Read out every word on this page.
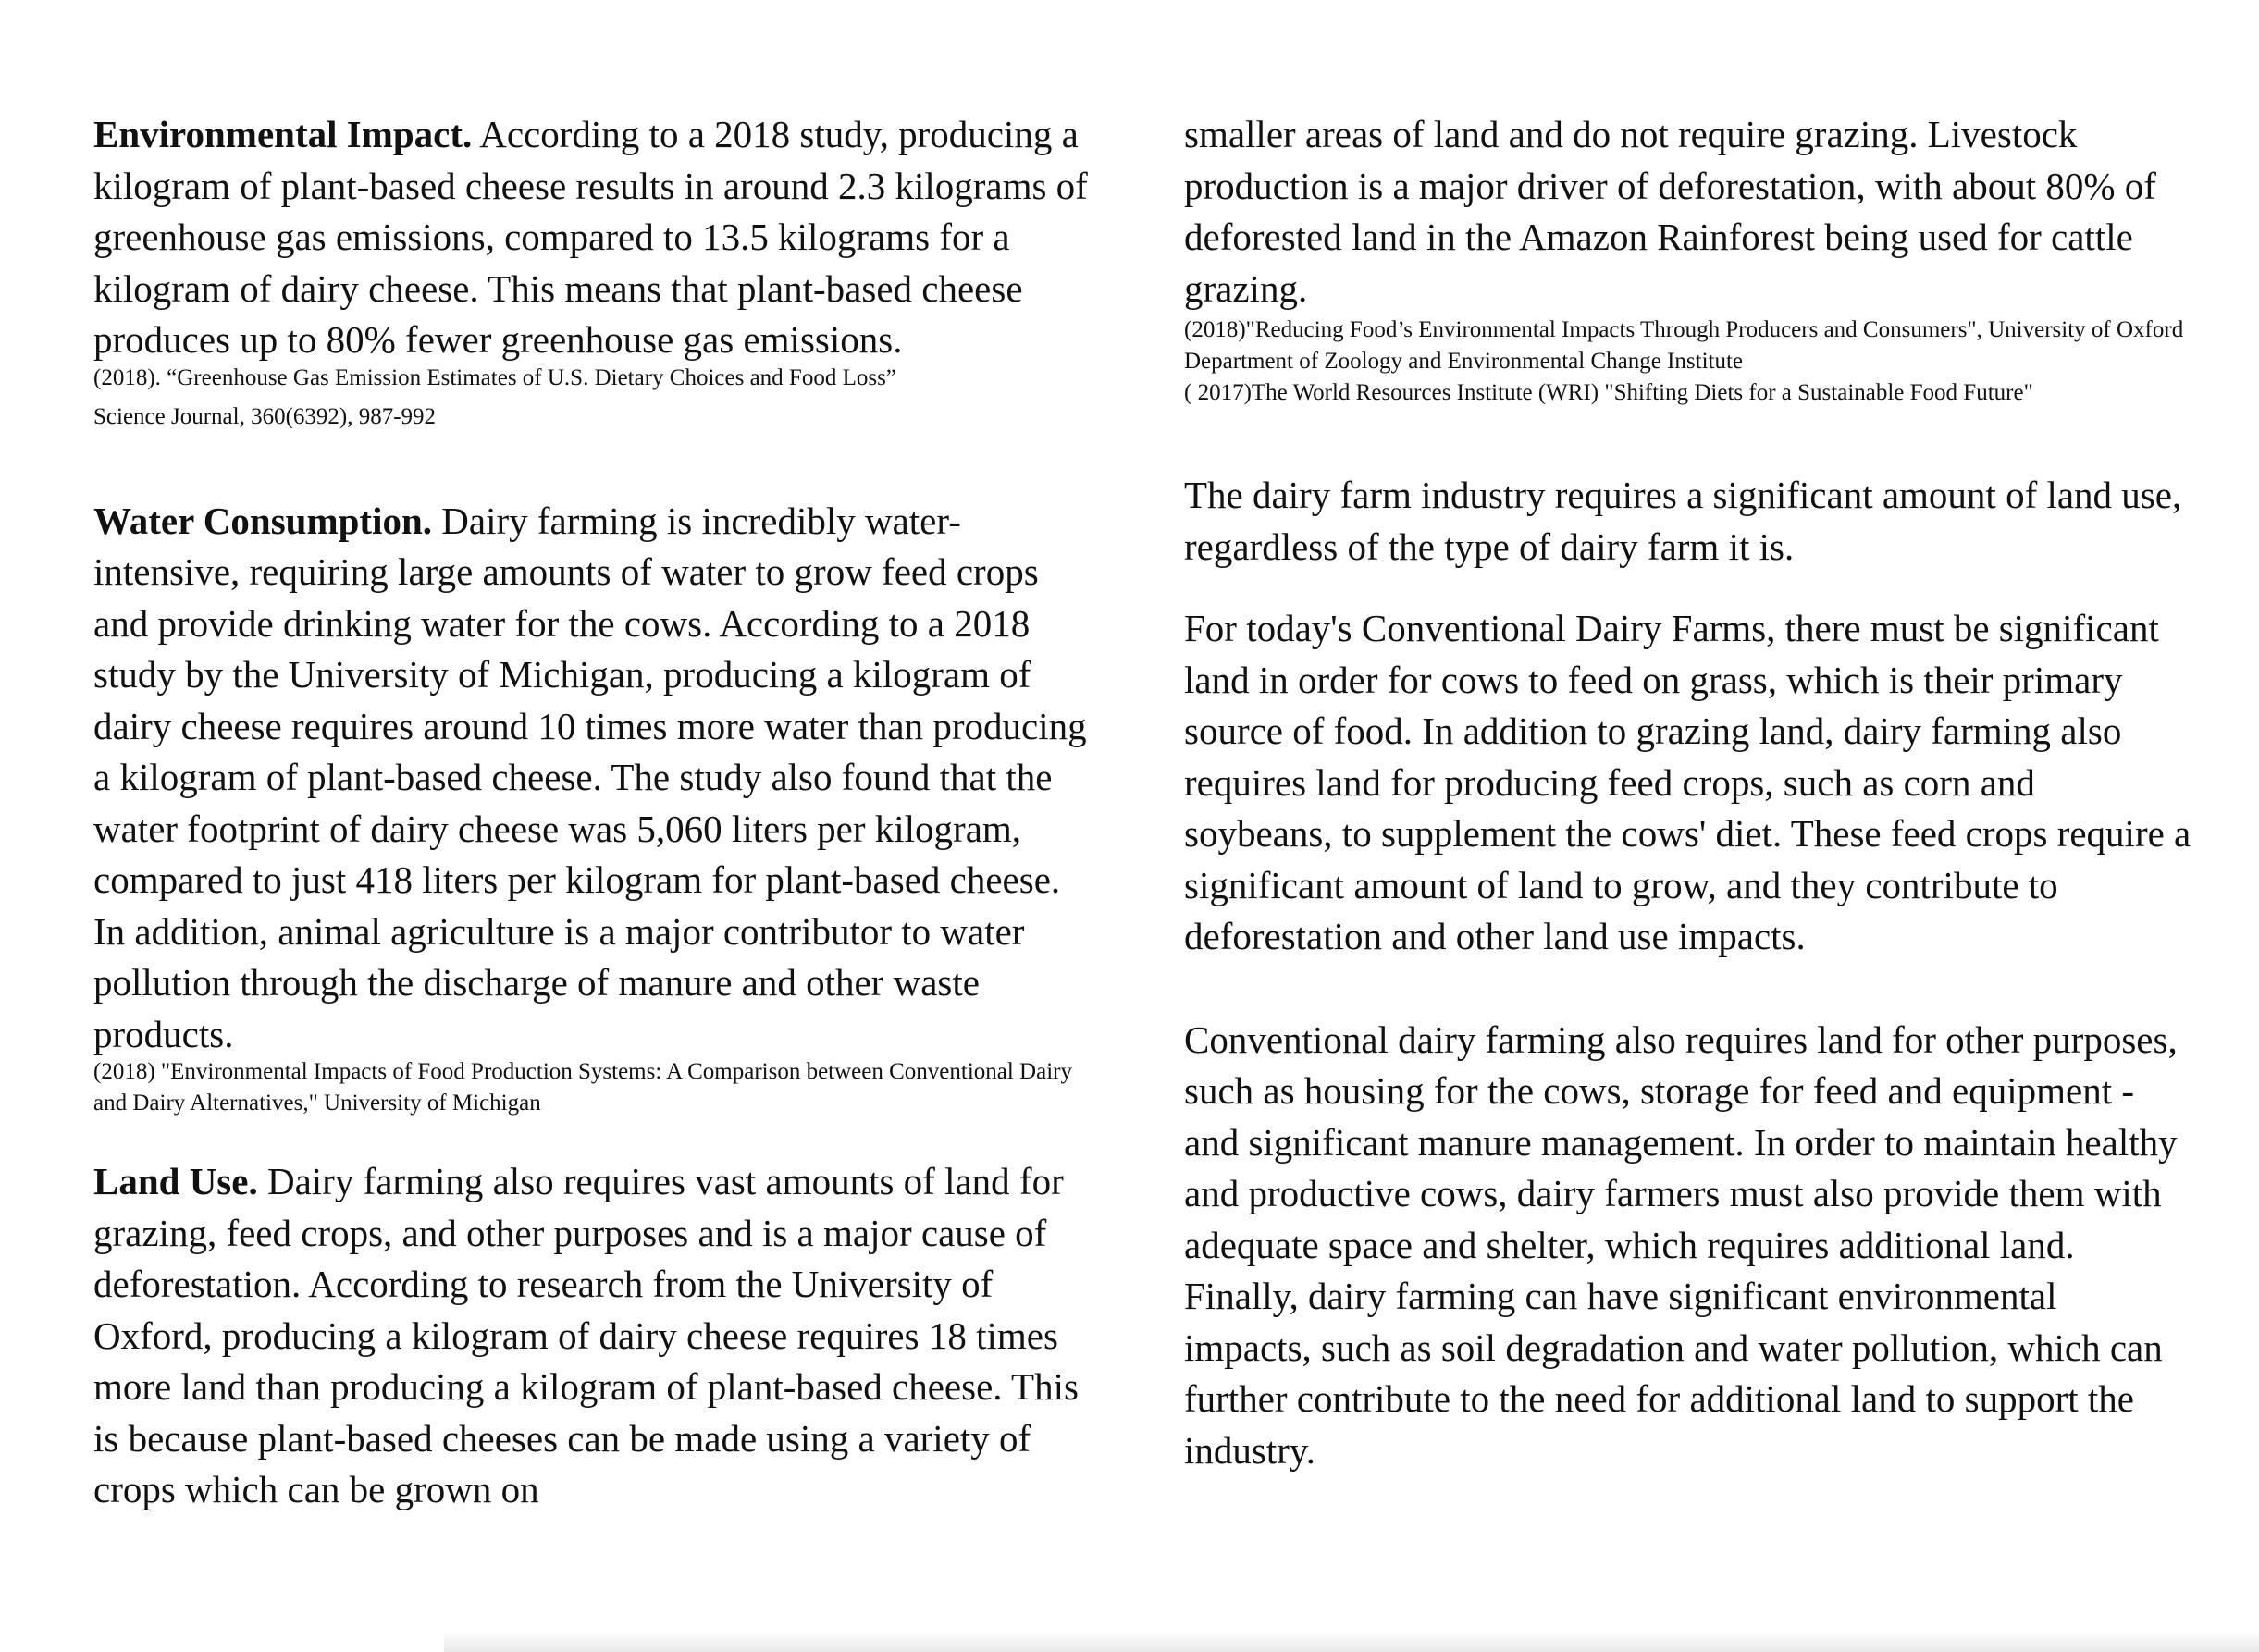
Environmental Impact. According to a 2018 study, producing a kilogram of plant-based cheese results in around 2.3 kilograms of greenhouse gas emissions, compared to 13.5 kilograms for a kilogram of dairy cheese. This means that plant-based cheese produces up to 80% fewer greenhouse gas emissions.

(2018). “Greenhouse Gas Emission Estimates of U.S. Dietary Choices and Food Loss”

Science Journal, 360(6392), 987-992

Water Consumption. Dairy farming is incredibly water-intensive, requiring large amounts of water to grow feed crops and provide drinking water for the cows. According to a 2018 study by the University of Michigan, producing a kilogram of dairy cheese requires around 10 times more water than producing a kilogram of plant-based cheese. The study also found that the water footprint of dairy cheese was 5,060 liters per kilogram, compared to just 418 liters per kilogram for plant-based cheese. In addition, animal agriculture is a major contributor to water pollution through the discharge of manure and other waste products.

(2018) "Environmental Impacts of Food Production Systems: A Comparison between Conventional Dairy and Dairy Alternatives," University of Michigan

Land Use. Dairy farming also requires vast amounts of land for grazing, feed crops, and other purposes and is a major cause of deforestation. According to research from the University of Oxford, producing a kilogram of dairy cheese requires 18 times more land than producing a kilogram of plant-based cheese. This is because plant-based cheeses can be made using a variety of crops which can be grown on

smaller areas of land and do not require grazing. Livestock production is a major driver of deforestation, with about 80% of deforested land in the Amazon Rainforest being used for cattle grazing.

(2018)"Reducing Food’s Environmental Impacts Through Producers and Consumers", University of Oxford Department of Zoology and Environmental Change Institute

( 2017)The World Resources Institute (WRI) "Shifting Diets for a Sustainable Food Future"

The dairy farm industry requires a significant amount of land use, regardless of the type of dairy farm it is.

For today's Conventional Dairy Farms, there must be significant land in order for cows to feed on grass, which is their primary source of food. In addition to grazing land, dairy farming also requires land for producing feed crops, such as corn and soybeans, to supplement the cows' diet. These feed crops require a significant amount of land to grow, and they contribute to deforestation and other land use impacts.

Conventional dairy farming also requires land for other purposes, such as housing for the cows, storage for feed and equipment - and significant manure management. In order to maintain healthy and productive cows, dairy farmers must also provide them with adequate space and shelter, which requires additional land. Finally, dairy farming can have significant environmental impacts, such as soil degradation and water pollution, which can further contribute to the need for additional land to support the industry.
